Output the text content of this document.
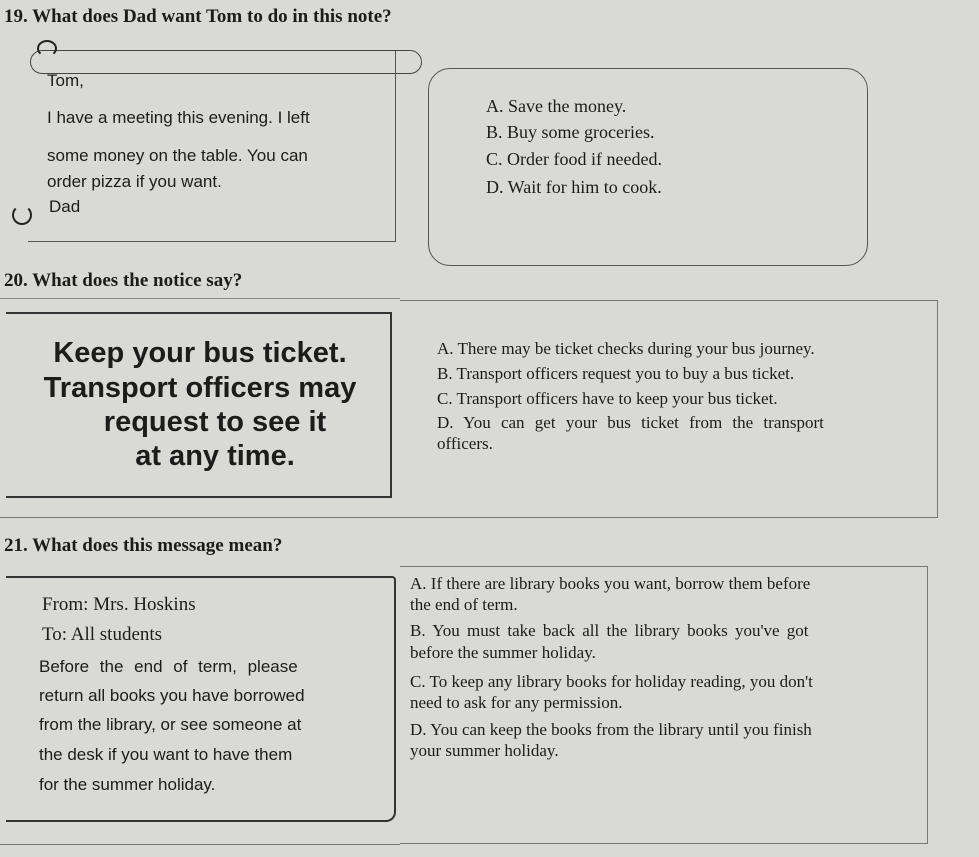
19. What does Dad want Tom to do in this note?
Tom,
I have a meeting this evening. I left
some money on the table. You can
order pizza if you want.
Dad
A. Save the money.
B. Buy some groceries.
C. Order food if needed.
D. Wait for him to cook.
20. What does the notice say?
Keep your bus ticket.
Transport officers may
request to see it
at any time.
A. There may be ticket checks during your bus journey.
B. Transport officers request you to buy a bus ticket.
C. Transport officers have to keep your bus ticket.
D. You can get your bus ticket from the transport
officers.
21. What does this message mean?
From: Mrs. Hoskins
To: All students
Before the end of term, please
return all books you have borrowed
from the library, or see someone at
the desk if you want to have them
for the summer holiday.
A. If there are library books you want, borrow them before
the end of term.
B. You must take back all the library books you've got
before the summer holiday.
C. To keep any library books for holiday reading, you don't
need to ask for any permission.
D. You can keep the books from the library until you finish
your summer holiday.
